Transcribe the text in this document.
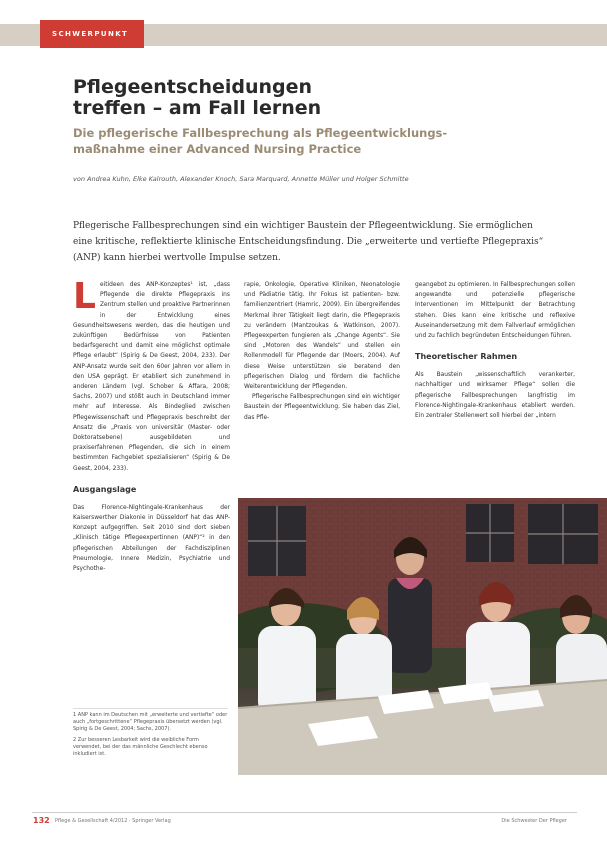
SCHWERPUNKT
Pflegeentscheidungen
treffen – am Fall lernen
Die pflegerische Fallbesprechung als Pflegeentwicklungs-
maßnahme einer Advanced Nursing Practice
von Andrea Kuhn, Elke Kalrouth, Alexander Knoch, Sara Marquard, Annette Müller und Holger Schmitte
Pflegerische Fallbesprechungen sind ein wichtiger Baustein der Pflegeentwicklung. Sie ermöglichen eine kritische, reflektierte klinische Entscheidungsfindung. Die „erweiterte und vertiefte Pflegepraxis“ (ANP) kann hierbei wertvolle Impulse setzen.

Leitideen des ANP-Konzeptes¹ ist, „dass Pflegende die direkte Pflegepraxis ins Zentrum stellen und proaktive Partnerinnen in der Entwicklung eines Gesundheitswesens werden, das die heutigen und zukünftigen Bedürfnisse von Patienten bedarfsgerecht und damit eine möglichst optimale Pflege erlaubt“ (Spirig & De Geest, 2004, 233). Der ANP-Ansatz wurde seit den 60er Jahren vor allem in den USA geprägt. Er etabliert sich zunehmend in anderen Ländern (vgl. Schober & Affara, 2008; Sachs, 2007) und stößt auch in Deutschland immer mehr auf Interesse. Als Bindeglied zwischen Pflegewissenschaft und Pflegepraxis beschreibt der Ansatz die „Praxis von universitär (Master- oder Doktoratsebene) ausgebildeten und praxiserfahrenen Pflegenden, die sich in einem bestimmten Fachgebiet spezialisieren“ (Spirig & De Geest, 2004, 233).

Ausgangslage

Das Florence-Nightingale-Krankenhaus der Kaiserswerther Diakonie in Düsseldorf hat das ANP-Konzept aufgegriffen. Seit 2010 sind dort sieben „Klinisch tätige Pflegeexpertinnen (ANP)“² in den pflegerischen Abteilungen der Fachdisziplinen Pneumologie, Innere Medizin, Psychiatrie und Psychothe-

rapie, Onkologie, Operative Kliniken, Neonatologie und Pädiatrie tätig. Ihr Fokus ist patienten- bzw. familienzentriert (Hamric, 2009). Ein übergreifendes Merkmal ihrer Tätigkeit liegt darin, die Pflegepraxis zu verändern (Mantzoukas & Watkinson, 2007). Pflegeexperten fungieren als „Change Agents“. Sie sind „Motoren des Wandels“ und stellen ein Rollenmodell für Pflegende dar (Moers, 2004). Auf diese Weise unterstützen sie beratend den pflegerischen Dialog und fördern die fachliche Weiterentwicklung der Pflegenden.

Pflegerische Fallbesprechungen sind ein wichtiger Baustein der Pflegeentwicklung. Sie haben das Ziel, das Pfle-

geangebot zu optimieren. In Fallbesprechungen sollen angewandte und potenzielle pflegerische Interventionen im Mittelpunkt der Betrachtung stehen. Dies kann eine kritische und reflexive Auseinandersetzung mit dem Fallverlauf ermöglichen und zu fachlich begründeten Entscheidungen führen.

Theoretischer Rahmen

Als Baustein „wissenschaftlich verankerter, nachhaltiger und wirksamer Pflege“ sollen die pflegerische Fallbesprechungen langfristig im Florence-Nightingale-Krankenhaus etabliert werden. Ein zentraler Stellenwert soll hierbei der „intern

1 ANP kann im Deutschen mit „erweiterte und vertiefte“ oder auch „fortgeschrittene“ Pflegepraxis übersetzt werden (vgl. Spirig & De Geest, 2004; Sachs, 2007).
2 Zur besseren Lesbarkeit wird die weibliche Form verwendet, bei der das männliche Geschlecht ebenso inkludiert ist.
132 Pflege & Gesellschaft 4/2012 · Springer Verlag	Die Schwester Der Pfleger
